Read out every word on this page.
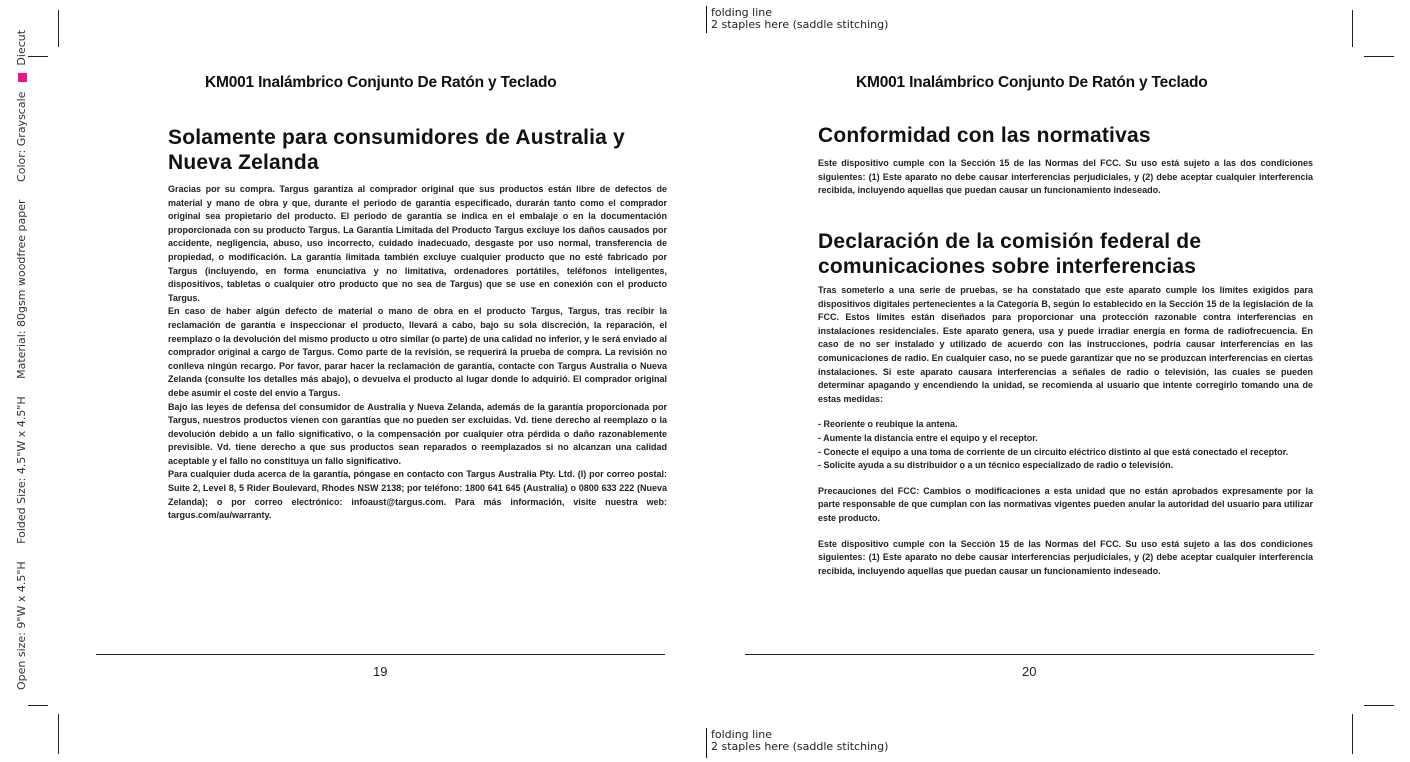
folding line
2 staples here (saddle stitching)
folding line
2 staples here (saddle stitching)
Open size: 9"W x 4.5"H     Folded Size: 4.5"W x 4.5"H     Material: 80gsm woodfree paper     Color: Grayscale  Diecut
KM001 Inalámbrico Conjunto De Ratón y Teclado
Solamente para consumidores de Australia y Nueva Zelanda

Gracias por su compra. Targus garantiza al comprador original que sus productos están libre de defectos de material y mano de obra y que, durante el periodo de garantía especificado, durarán tanto como el comprador original sea propietario del producto. El periodo de garantía se indica en el embalaje o en la documentación proporcionada con su producto Targus. La Garantía Limitada del Producto Targus excluye los daños causados por accidente, negligencia, abuso, uso incorrecto, cuidado inadecuado, desgaste por uso normal, transferencia de propiedad, o modificación. La garantía limitada también excluye cualquier producto que no esté fabricado por Targus (incluyendo, en forma enunciativa y no limitativa, ordenadores portátiles, teléfonos inteligentes, dispositivos, tabletas o cualquier otro producto que no sea de Targus) que se use en conexión con el producto Targus.

En caso de haber algún defecto de material o mano de obra en el producto Targus, Targus, tras recibir la reclamación de garantía e inspeccionar el producto, llevará a cabo, bajo su sola discreción, la reparación, el reemplazo o la devolución del mismo producto u otro similar (o parte) de una calidad no inferior, y le será enviado al comprador original a cargo de Targus. Como parte de la revisión, se requerirá la prueba de compra. La revisión no conlleva ningún recargo. Por favor, parar hacer la reclamación de garantía, contacte con Targus Australia o Nueva Zelanda (consulte los detalles más abajo), o devuelva el producto al lugar donde lo adquirió. El comprador original debe asumir el coste del envío a Targus.

Bajo las leyes de defensa del consumidor de Australia y Nueva Zelanda, además de la garantía proporcionada por Targus, nuestros productos vienen con garantías que no pueden ser excluidas. Vd. tiene derecho al reemplazo o la devolución debido a un fallo significativo, o la compensación por cualquier otra pérdida o daño razonablemente previsible. Vd. tiene derecho a que sus productos sean reparados o reemplazados si no alcanzan una calidad aceptable y el fallo no constituya un fallo significativo.

Para cualquier duda acerca de la garantía, póngase en contacto con Targus Australia Pty. Ltd. (I) por correo postal: Suite 2, Level 8, 5 Rider Boulevard, Rhodes NSW 2138; por teléfono: 1800 641 645 (Australia) o 0800 633 222 (Nueva Zelanda); o por correo electrónico: infoaust@targus.com. Para más información, visite nuestra web: targus.com/au/warranty.

19
KM001 Inalámbrico Conjunto De Ratón y Teclado
Conformidad con las normativas

Este dispositivo cumple con la Sección 15 de las Normas del FCC. Su uso está sujeto a las dos condiciones siguientes: (1) Este aparato no debe causar interferencias perjudiciales, y (2) debe aceptar cualquier interferencia recibida, incluyendo aquellas que puedan causar un funcionamiento indeseado.

Declaración de la comisión federal de comunicaciones sobre interferencias

Tras someterlo a una serie de pruebas, se ha constatado que este aparato cumple los límites exigidos para dispositivos digitales pertenecientes a la Categoría B, según lo establecido en la Sección 15 de la legislación de la FCC. Estos límites están diseñados para proporcionar una protección razonable contra interferencias en instalaciones residenciales. Este aparato genera, usa y puede irradiar energía en forma de radiofrecuencia. En caso de no ser instalado y utilizado de acuerdo con las instrucciones, podría causar interferencias en las comunicaciones de radio. En cualquier caso, no se puede garantizar que no se produzcan interferencias en ciertas instalaciones. Si este aparato causara interferencias a señales de radio o televisión, las cuales se pueden determinar apagando y encendiendo la unidad, se recomienda al usuario que intente corregirlo tomando una de estas medidas:

- Reoriente o reubique la antena.
- Aumente la distancia entre el equipo y el receptor.
- Conecte el equipo a una toma de corriente de un circuito eléctrico distinto al que está conectado el receptor.
- Solicite ayuda a su distribuidor o a un técnico especializado de radio o televisión.

Precauciones del FCC: Cambios o modificaciones a esta unidad que no están aprobados expresamente por la parte responsable de que cumplan con las normativas vigentes pueden anular la autoridad del usuario para utilizar este producto.

Este dispositivo cumple con la Sección 15 de las Normas del FCC. Su uso está sujeto a las dos condiciones siguientes: (1) Este aparato no debe causar interferencias perjudiciales, y (2) debe aceptar cualquier interferencia recibida, incluyendo aquellas que puedan causar un funcionamiento indeseado.

20
